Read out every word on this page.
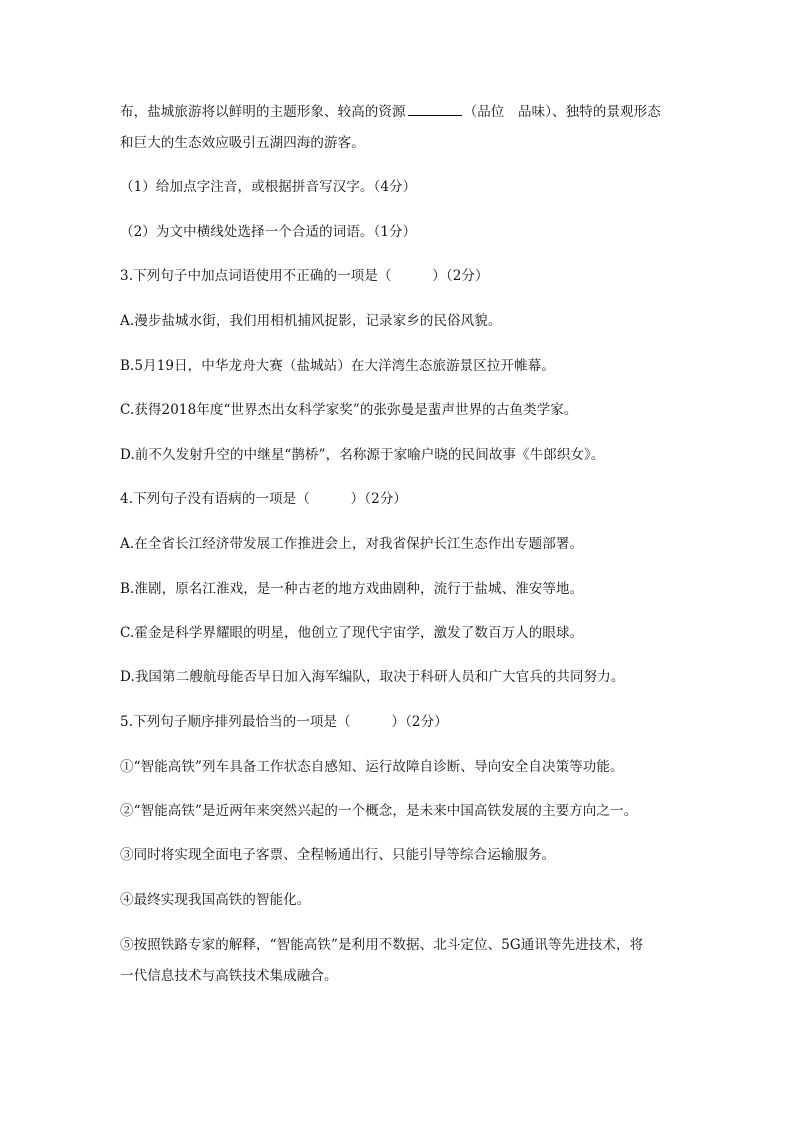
布，盐城旅游将以鲜明的主题形象、较高的资源	（品位　品味）、独特的景观形态
和巨大的生态效应吸引五湖四海的游客。
（1）给加点字注音，或根据拼音写汉字。（4分）
（2）为文中横线处选择一个合适的词语。（1分）
3.下列句子中加点词语使用不正确的一项是（　　　）（2分）
A.漫步盐城水街，我们用相机捕风捉影，记录家乡的民俗风貌。
B.5月19日，中华龙舟大赛（盐城站）在大洋湾生态旅游景区拉开帷幕。
C.获得2018年度“世界杰出女科学家奖”的张弥曼是蜚声世界的古鱼类学家。
D.前不久发射升空的中继星“鹊桥”，名称源于家喻户晓的民间故事《牛郎织女》。
4.下列句子没有语病的一项是（　　　）（2分）
A.在全省长江经济带发展工作推进会上，对我省保护长江生态作出专题部署。
B.淮剧，原名江淮戏，是一种古老的地方戏曲剧种，流行于盐城、淮安等地。
C.霍金是科学界耀眼的明星，他创立了现代宇宙学，激发了数百万人的眼球。
D.我国第二艘航母能否早日加入海军编队，取决于科研人员和广大官兵的共同努力。
5.下列句子顺序排列最恰当的一项是（　　　）（2分）
①“智能高铁”列车具备工作状态自感知、运行故障自诊断、导向安全自决策等功能。
②“智能高铁”是近两年来突然兴起的一个概念，是未来中国高铁发展的主要方向之一。
③同时将实现全面电子客票、全程畅通出行、只能引导等综合运输服务。
④最终实现我国高铁的智能化。
⑤按照铁路专家的解释，“智能高铁”是利用不数据、北斗定位、5G通讯等先进技术，将
一代信息技术与高铁技术集成融合。
